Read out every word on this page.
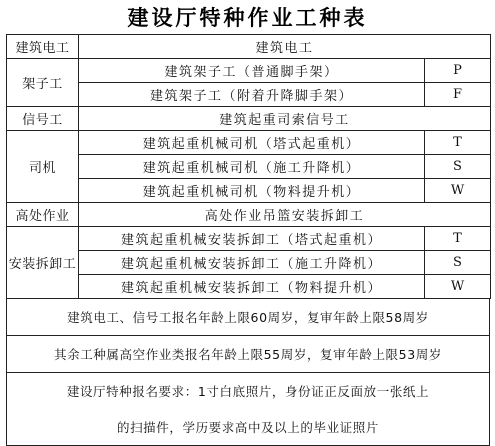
建设厅特种作业工种表
建筑电工	建筑电工	
架子工	建筑架子工（普通脚手架）	P
	建筑架子工（附着升降脚手架）	F
信号工	建筑起重司索信号工	
司机	建筑起重机械司机（塔式起重机）	T
	建筑起重机械司机（施工升降机）	S
	建筑起重机械司机（物料提升机）	W
高处作业	高处作业吊篮安装拆卸工	
安装拆卸工	建筑起重机械安装拆卸工（塔式起重机）	T
	建筑起重机械安装拆卸工（施工升降机）	S
	建筑起重机械安装拆卸工（物料提升机）	W
建筑电工、信号工报名年龄上限60周岁，复审年龄上限58周岁
其余工种属高空作业类报名年龄上限55周岁，复审年龄上限53周岁
建设厅特种报名要求：1寸白底照片，身份证正反面放一张纸上
的扫描件，学历要求高中及以上的毕业证照片
